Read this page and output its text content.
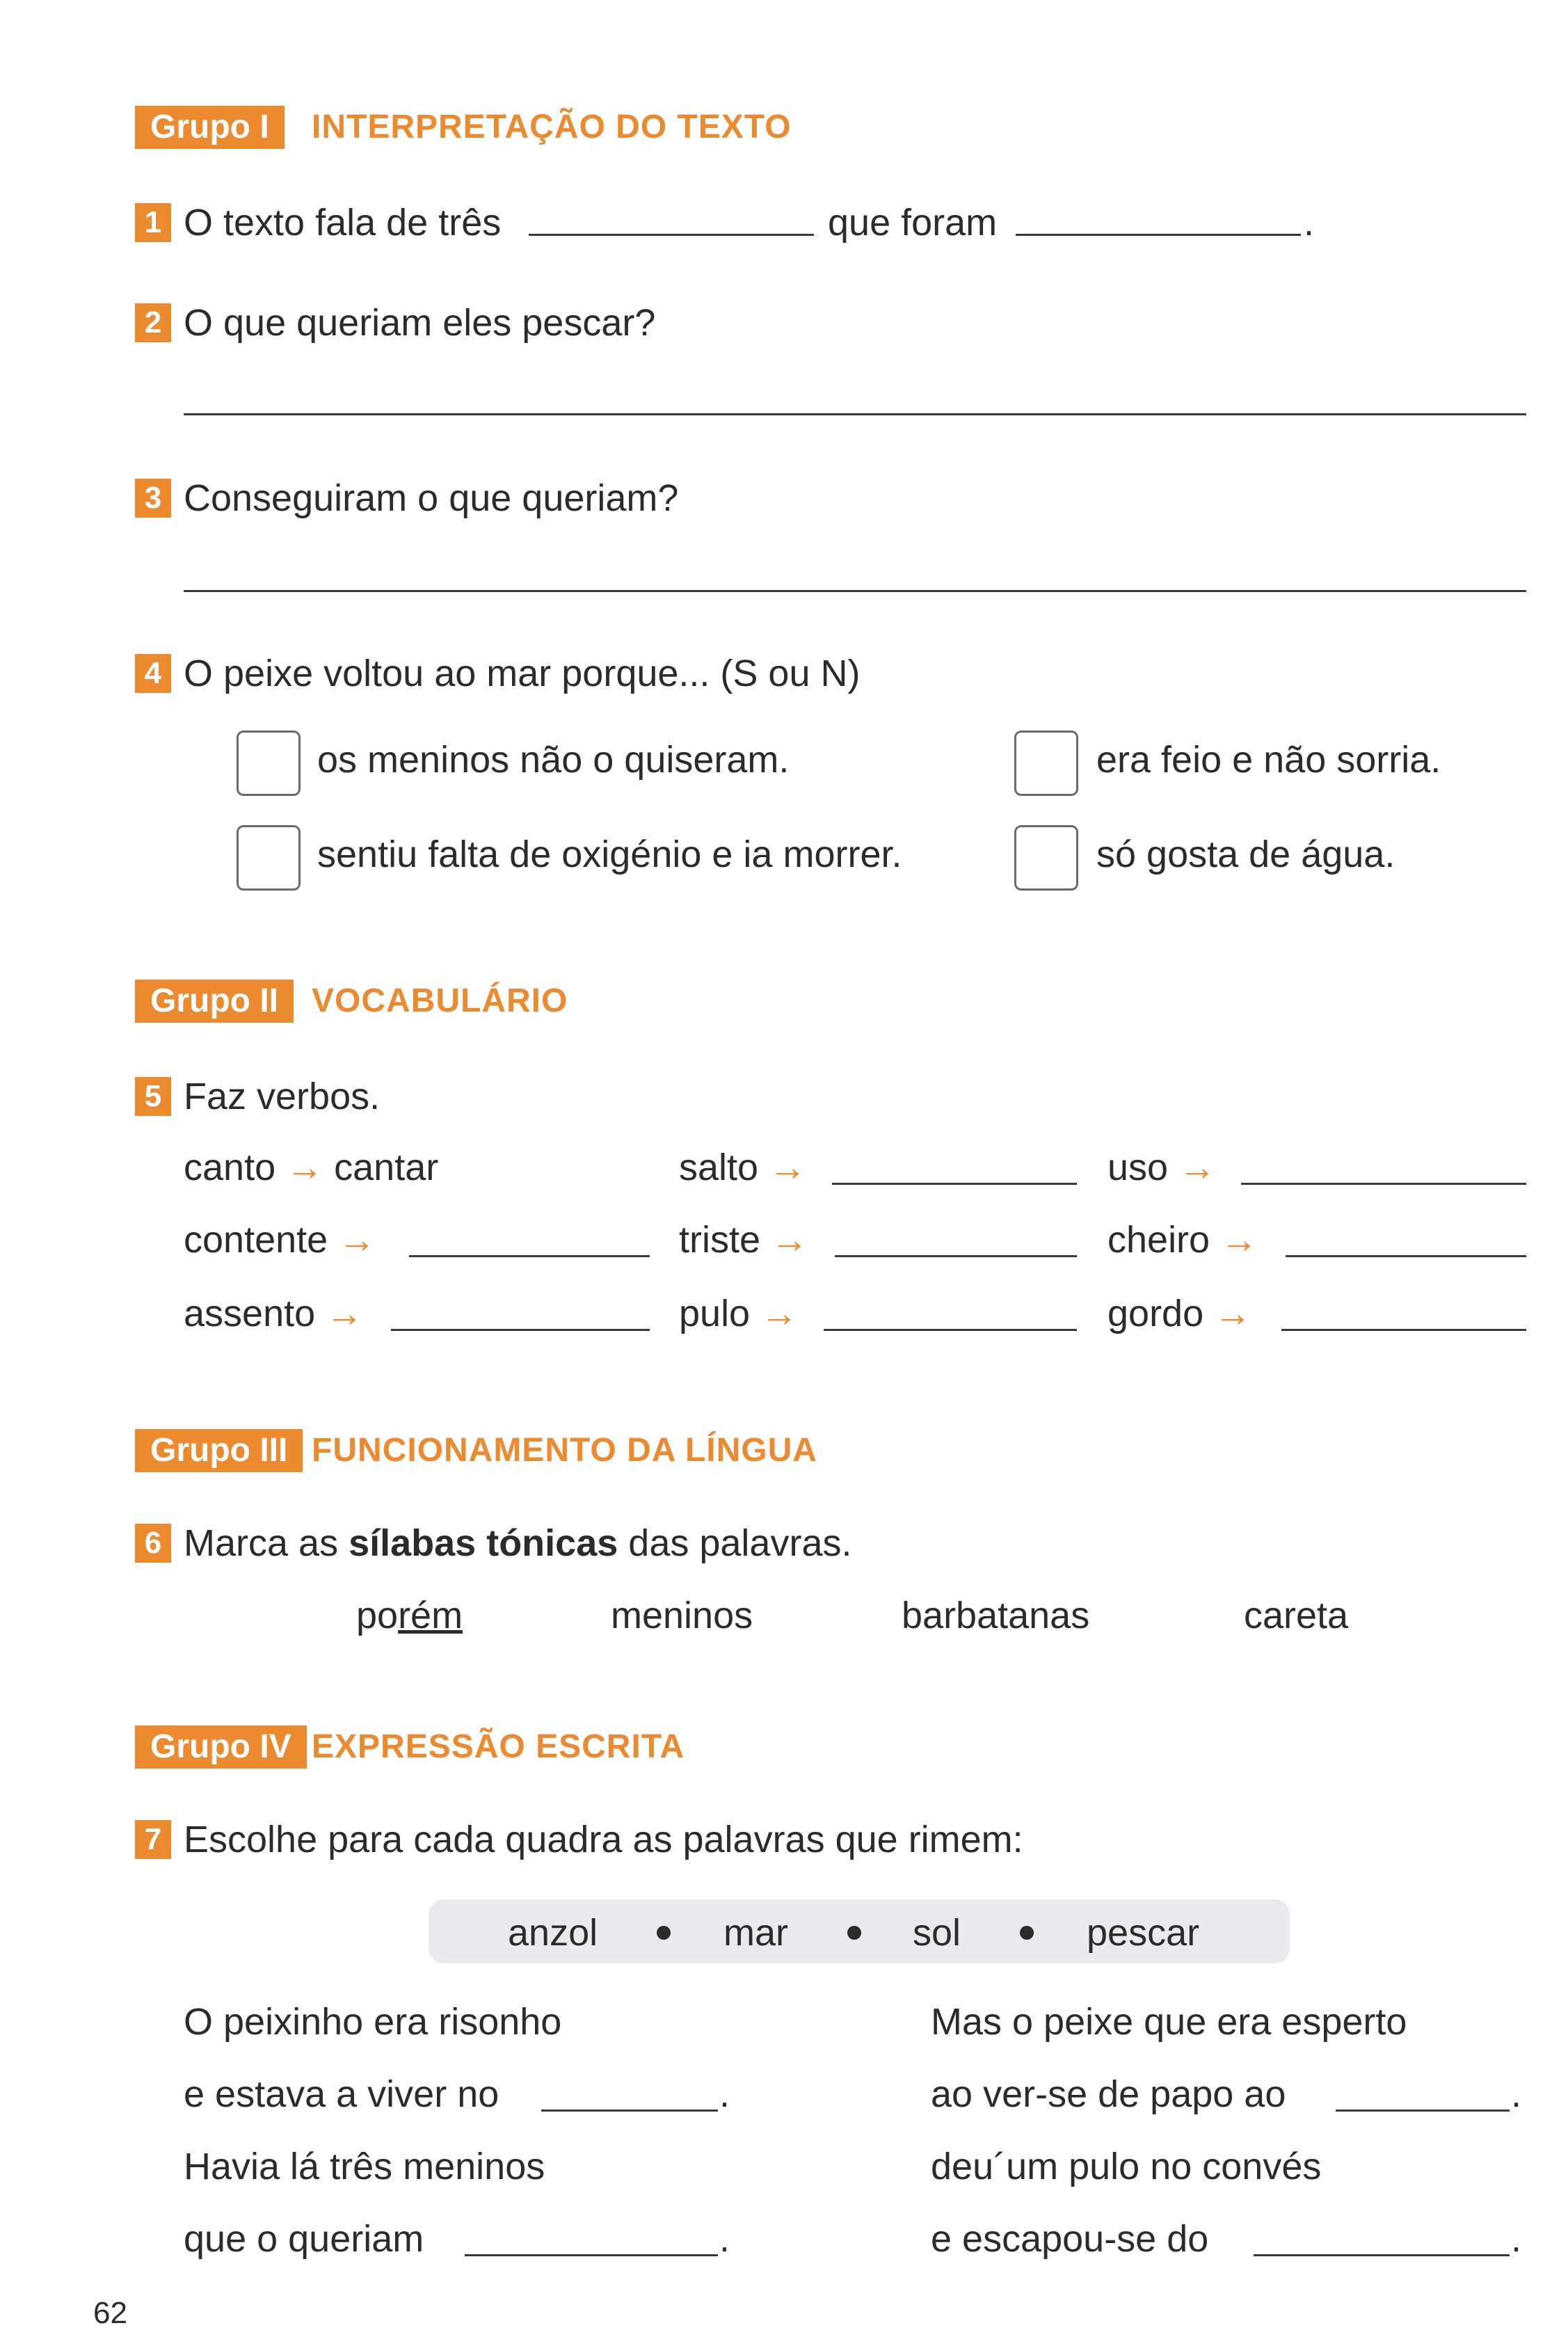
Grupo I	INTERPRETAÇÃO DO TEXTO
1 O texto fala de três	que foram	.
2 O que queriam eles pescar?
3 Conseguiram o que queriam?
4 O peixe voltou ao mar porque... (S ou N)
os meninos não o quiseram.	era feio e não sorria.
sentiu falta de oxigénio e ia morrer.	só gosta de água.
Grupo II	VOCABULÁRIO
5 Faz verbos.
canto → cantar	salto →	uso →
contente →	triste →	cheiro →
assento →	pulo →	gordo →
Grupo III FUNCIONAMENTO DA LÍNGUA
6 Marca as sílabas tónicas das palavras.
porém	meninos	barbatanas	careta
Grupo IV EXPRESSÃO ESCRITA
7 Escolhe para cada quadra as palavras que rimem:
anzol	mar	sol	pescar
O peixinho era risonho
e estava a viver no	.
Havia lá três meninos
que o queriam	.
Mas o peixe que era esperto
ao ver-se de papo ao	.
deu´um pulo no convés
e escapou-se do	.
62
